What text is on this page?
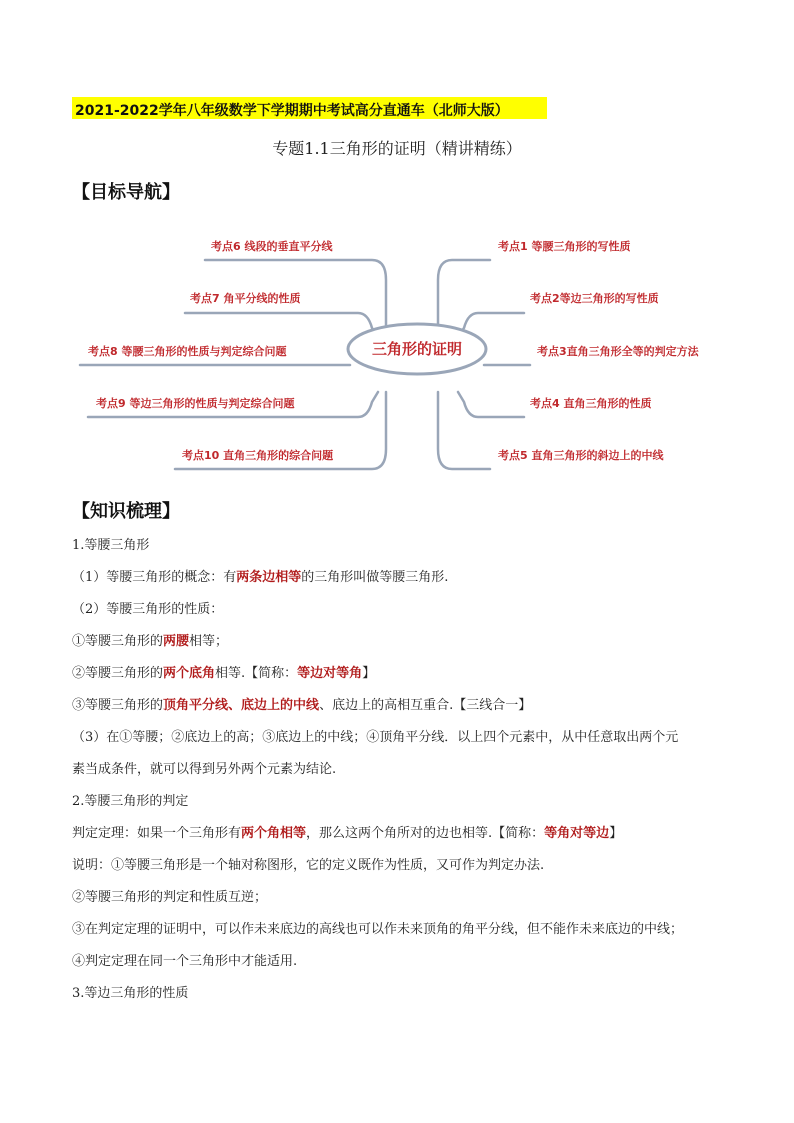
2021-2022学年八年级数学下学期期中考试高分直通车（北师大版）
专题1.1三角形的证明（精讲精练）
【目标导航】
三角形的证明
考点1 等腰三角形的写性质
考点2等边三角形的写性质
考点3直角三角形全等的判定方法
考点4 直角三角形的性质
考点5 直角三角形的斜边上的中线
考点6 线段的垂直平分线
考点7 角平分线的性质
考点8 等腰三角形的性质与判定综合问题
考点9 等边三角形的性质与判定综合问题
考点10 直角三角形的综合问题
【知识梳理】
1.等腰三角形
（1）等腰三角形的概念：有两条边相等的三角形叫做等腰三角形.
（2）等腰三角形的性质：
①等腰三角形的两腰相等；
②等腰三角形的两个底角相等.【简称：等边对等角】
③等腰三角形的顶角平分线、底边上的中线、底边上的高相互重合.【三线合一】
（3）在①等腰；②底边上的高；③底边上的中线；④顶角平分线．以上四个元素中，从中任意取出两个元
素当成条件，就可以得到另外两个元素为结论.
2.等腰三角形的判定
判定定理：如果一个三角形有两个角相等，那么这两个角所对的边也相等.【简称：等角对等边】
说明：①等腰三角形是一个轴对称图形，它的定义既作为性质，又可作为判定办法.
②等腰三角形的判定和性质互逆；
③在判定定理的证明中，可以作未来底边的高线也可以作未来顶角的角平分线，但不能作未来底边的中线；
④判定定理在同一个三角形中才能适用.
3.等边三角形的性质
